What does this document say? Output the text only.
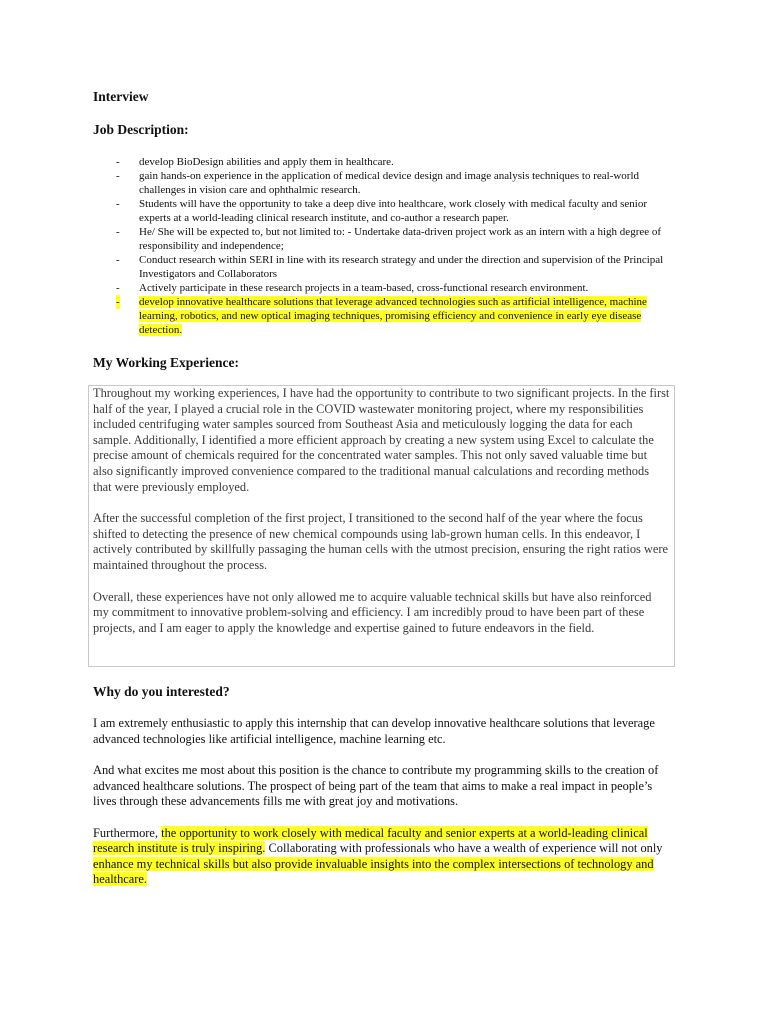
Interview
Job Description:
- develop BioDesign abilities and apply them in healthcare.
- gain hands-on experience in the application of medical device design and image analysis techniques to real-world challenges in vision care and ophthalmic research.
- Students will have the opportunity to take a deep dive into healthcare, work closely with medical faculty and senior experts at a world-leading clinical research institute, and co-author a research paper.
- He/ She will be expected to, but not limited to: - Undertake data-driven project work as an intern with a high degree of responsibility and independence;
- Conduct research within SERI in line with its research strategy and under the direction and supervision of the Principal Investigators and Collaborators
- Actively participate in these research projects in a team-based, cross-functional research environment.
- develop innovative healthcare solutions that leverage advanced technologies such as artificial intelligence, machine learning, robotics, and new optical imaging techniques, promising efficiency and convenience in early eye disease detection.
My Working Experience:

Throughout my working experiences, I have had the opportunity to contribute to two significant projects. In the first half of the year, I played a crucial role in the COVID wastewater monitoring project, where my responsibilities included centrifuging water samples sourced from Southeast Asia and meticulously logging the data for each sample. Additionally, I identified a more efficient approach by creating a new system using Excel to calculate the precise amount of chemicals required for the concentrated water samples. This not only saved valuable time but also significantly improved convenience compared to the traditional manual calculations and recording methods that were previously employed.

After the successful completion of the first project, I transitioned to the second half of the year where the focus shifted to detecting the presence of new chemical compounds using lab-grown human cells. In this endeavor, I actively contributed by skillfully passaging the human cells with the utmost precision, ensuring the right ratios were maintained throughout the process.

Overall, these experiences have not only allowed me to acquire valuable technical skills but have also reinforced my commitment to innovative problem-solving and efficiency. I am incredibly proud to have been part of these projects, and I am eager to apply the knowledge and expertise gained to future endeavors in the field.

Why do you interested?

I am extremely enthusiastic to apply this internship that can develop innovative healthcare solutions that leverage advanced technologies like artificial intelligence, machine learning etc.

And what excites me most about this position is the chance to contribute my programming skills to the creation of advanced healthcare solutions. The prospect of being part of the team that aims to make a real impact in people’s lives through these advancements fills me with great joy and motivations.

Furthermore, the opportunity to work closely with medical faculty and senior experts at a world-leading clinical research institute is truly inspiring. Collaborating with professionals who have a wealth of experience will not only enhance my technical skills but also provide invaluable insights into the complex intersections of technology and healthcare.
